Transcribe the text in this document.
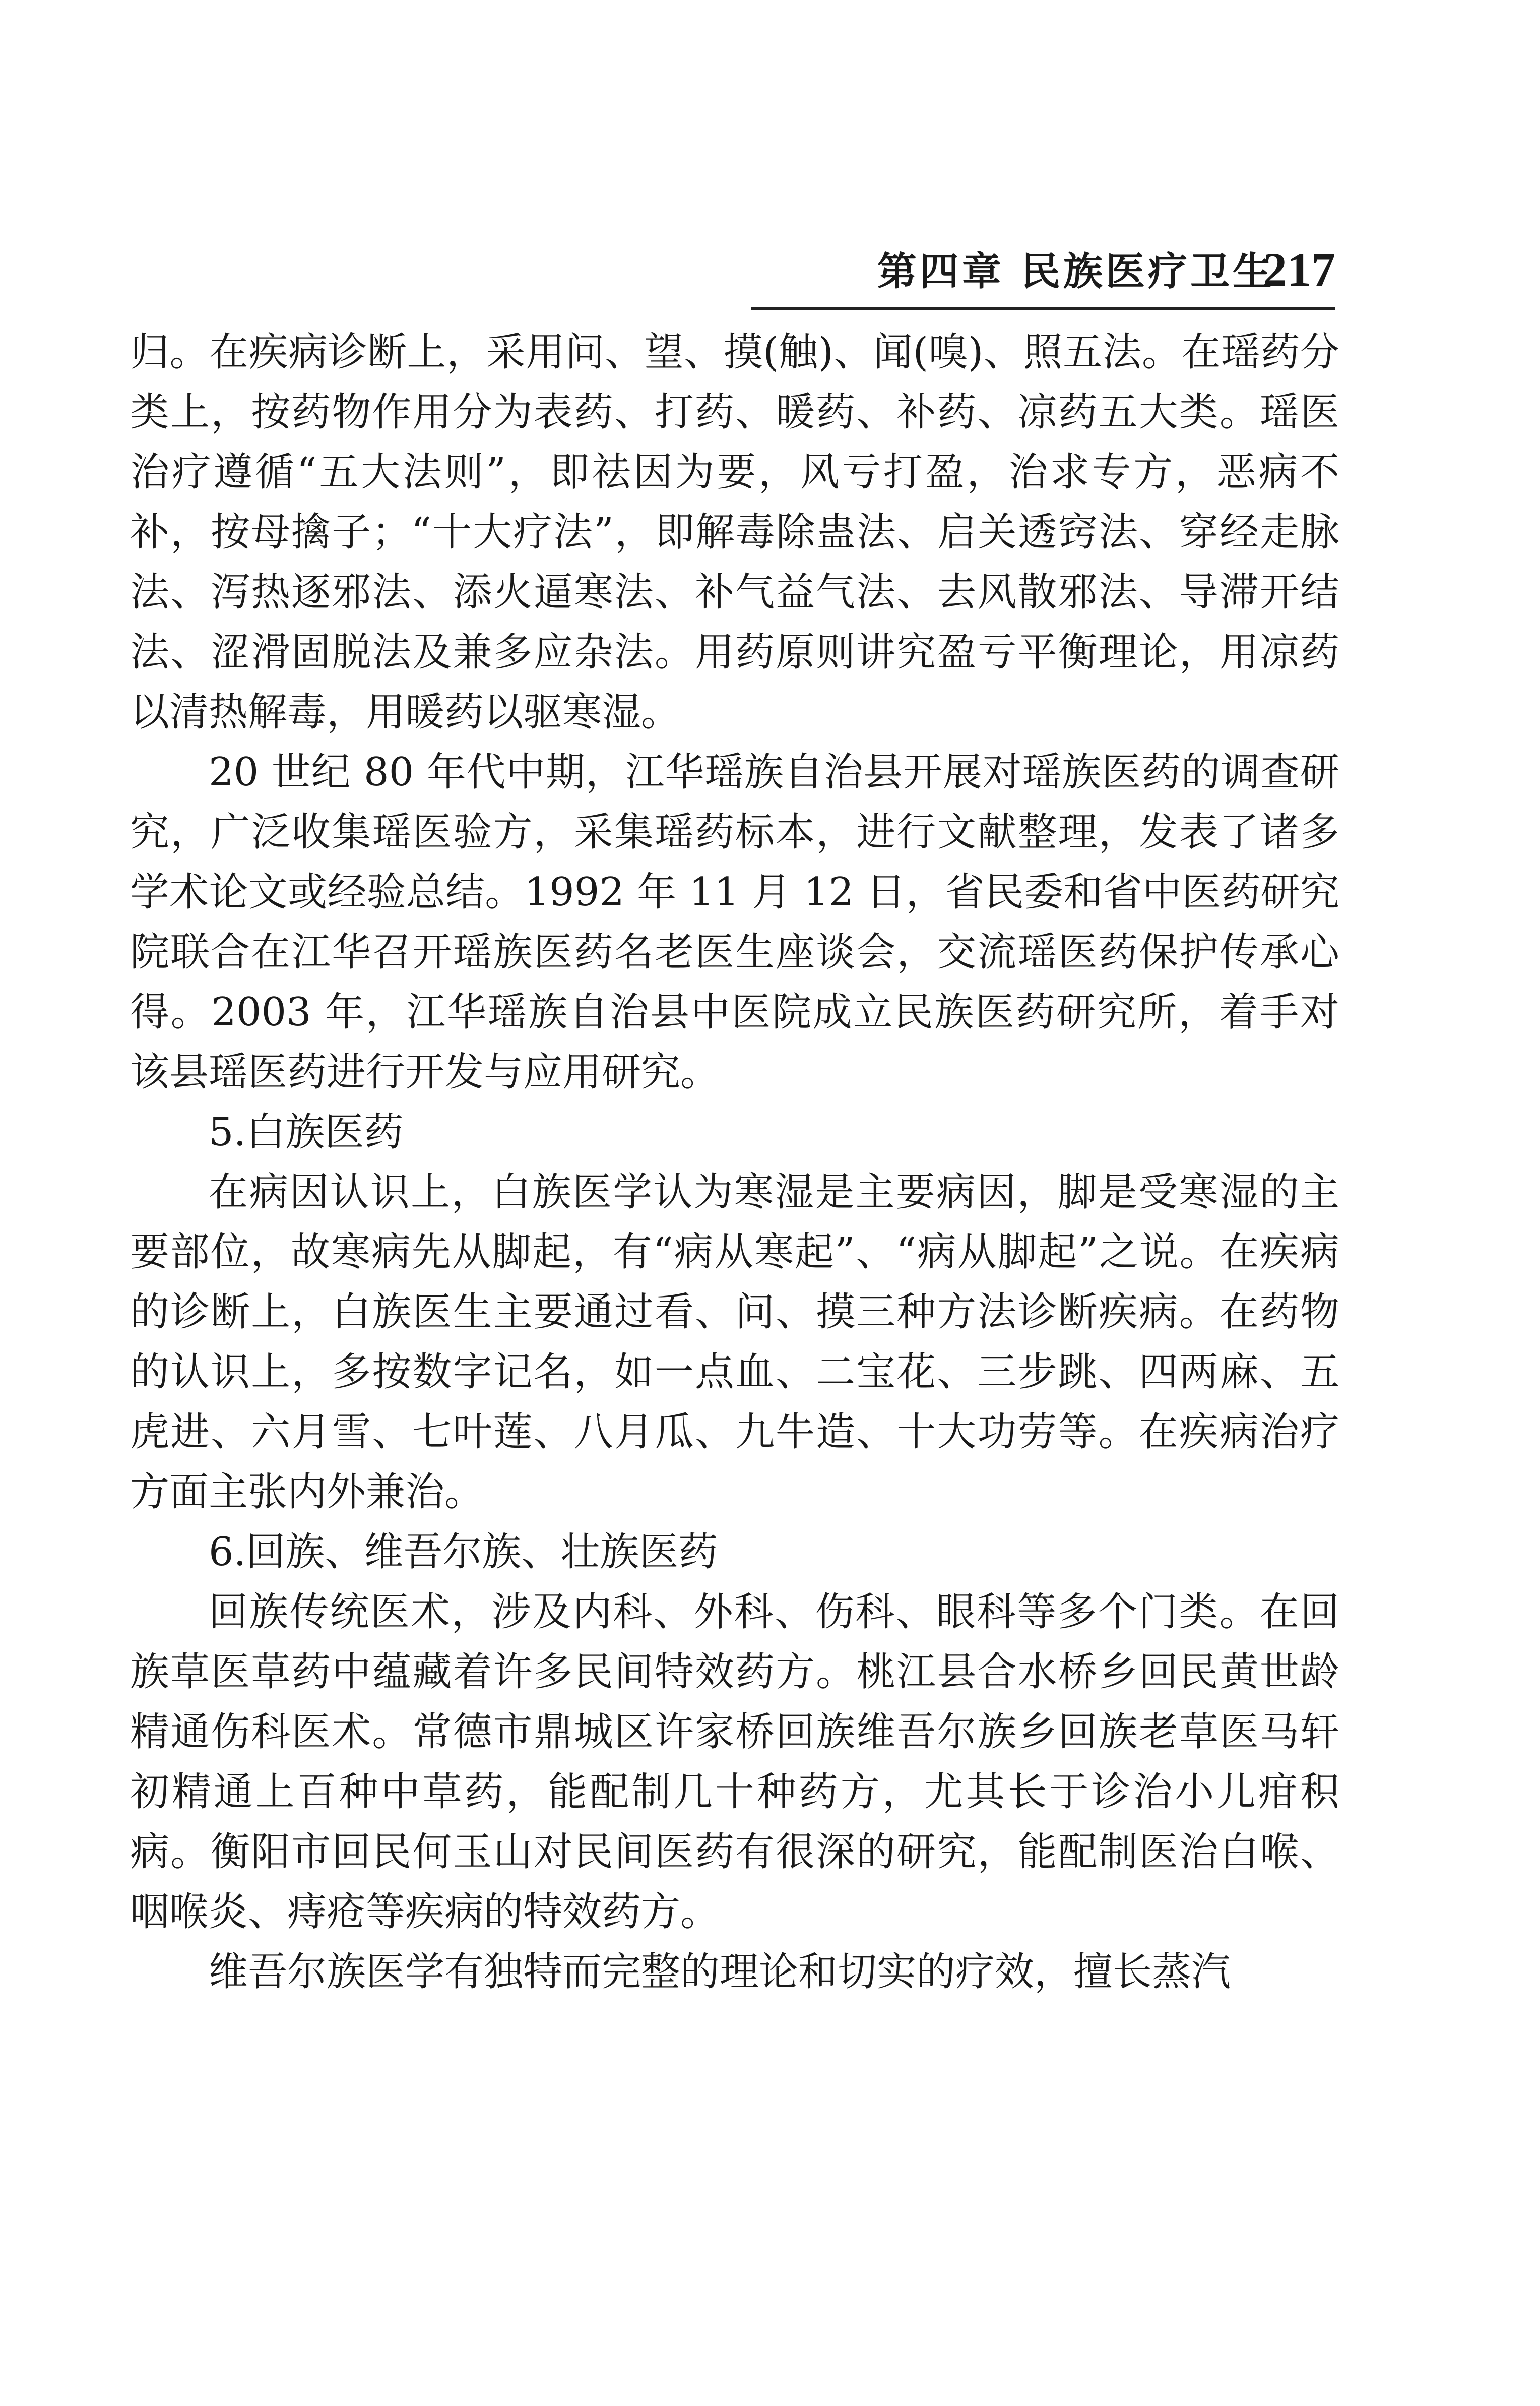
第四章 民族医疗卫生
217

归。在疾病诊断上，采用问、望、摸(触)、闻(嗅)、照五法。在瑶药分类上，按药物作用分为表药、打药、暖药、补药、凉药五大类。瑶医治疗遵循“五大法则”，即祛因为要，风亏打盈，治求专方，恶病不补，按母擒子；“十大疗法”，即解毒除蛊法、启关透窍法、穿经走脉法、泻热逐邪法、添火逼寒法、补气益气法、去风散邪法、导滞开结法、涩滑固脱法及兼多应杂法。用药原则讲究盈亏平衡理论，用凉药以清热解毒，用暖药以驱寒湿。

20 世纪 80 年代中期，江华瑶族自治县开展对瑶族医药的调查研究，广泛收集瑶医验方，采集瑶药标本，进行文献整理，发表了诸多学术论文或经验总结。1992 年 11 月 12 日，省民委和省中医药研究院联合在江华召开瑶族医药名老医生座谈会，交流瑶医药保护传承心得。2003 年，江华瑶族自治县中医院成立民族医药研究所，着手对该县瑶医药进行开发与应用研究。

5.白族医药

在病因认识上，白族医学认为寒湿是主要病因，脚是受寒湿的主要部位，故寒病先从脚起，有“病从寒起”、“病从脚起”之说。在疾病的诊断上，白族医生主要通过看、问、摸三种方法诊断疾病。在药物的认识上，多按数字记名，如一点血、二宝花、三步跳、四两麻、五虎进、六月雪、七叶莲、八月瓜、九牛造、十大功劳等。在疾病治疗方面主张内外兼治。

6.回族、维吾尔族、壮族医药

回族传统医术，涉及内科、外科、伤科、眼科等多个门类。在回族草医草药中蕴藏着许多民间特效药方。桃江县合水桥乡回民黄世龄精通伤科医术。常德市鼎城区许家桥回族维吾尔族乡回族老草医马轩初精通上百种中草药，能配制几十种药方，尤其长于诊治小儿疳积病。衡阳市回民何玉山对民间医药有很深的研究，能配制医治白喉、咽喉炎、痔疮等疾病的特效药方。

维吾尔族医学有独特而完整的理论和切实的疗效，擅长蒸汽
